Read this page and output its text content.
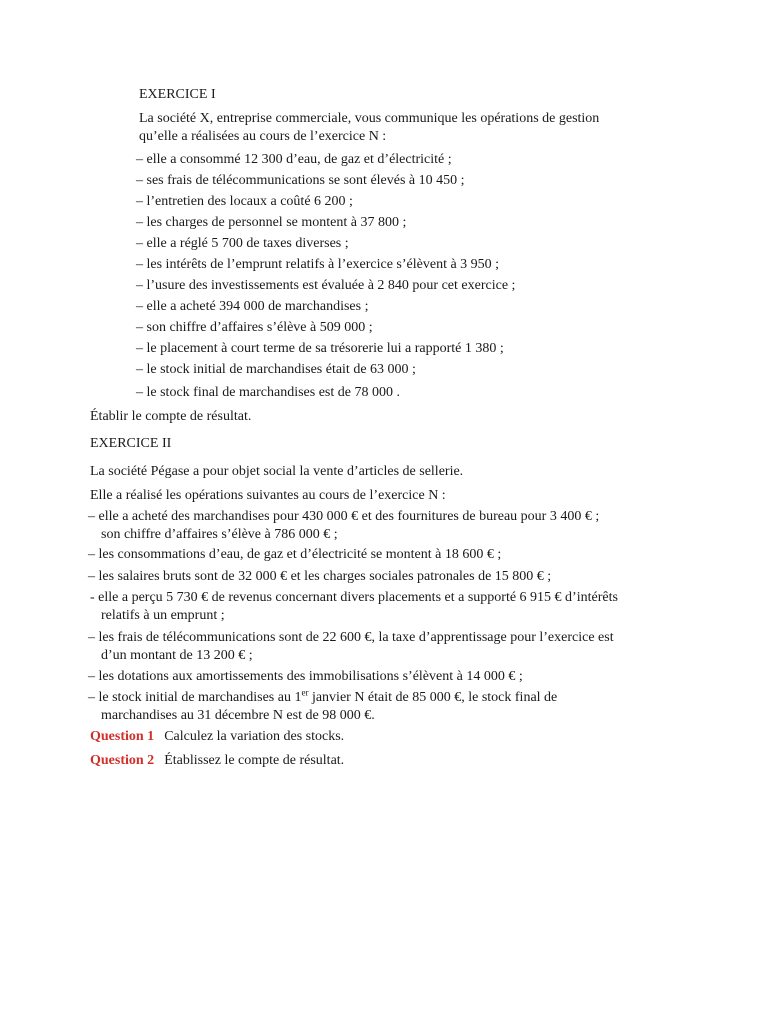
EXERCICE I
La société X, entreprise commerciale, vous communique les opérations de gestion
qu’elle a réalisées au cours de l’exercice N :
– elle a consommé 12 300 d’eau, de gaz et d’électricité ;
– ses frais de télécommunications se sont élevés à 10 450 ;
– l’entretien des locaux a coûté 6 200 ;
– les charges de personnel se montent à 37 800 ;
– elle a réglé 5 700 de taxes diverses ;
– les intérêts de l’emprunt relatifs à l’exercice s’élèvent à 3 950 ;
– l’usure des investissements est évaluée à 2 840 pour cet exercice ;
– elle a acheté 394 000 de marchandises ;
– son chiffre d’affaires s’élève à 509 000 ;
– le placement à court terme de sa trésorerie lui a rapporté 1 380 ;
– le stock initial de marchandises était de 63 000 ;
– le stock final de marchandises est de 78 000 .
Établir le compte de résultat.
EXERCICE II
La société Pégase a pour objet social la vente d’articles de sellerie.
Elle a réalisé les opérations suivantes au cours de l’exercice N :
– elle a acheté des marchandises pour 430 000 € et des fournitures de bureau pour 3 400 € ;
son chiffre d’affaires s’élève à 786 000 € ;
– les consommations d’eau, de gaz et d’électricité se montent à 18 600 € ;
– les salaires bruts sont de 32 000 € et les charges sociales patronales de 15 800 € ;
- elle a perçu 5 730 € de revenus concernant divers placements et a supporté 6 915 € d’intérêts
relatifs à un emprunt ;
– les frais de télécommunications sont de 22 600 €, la taxe d’apprentissage pour l’exercice est
d’un montant de 13 200 € ;
– les dotations aux amortissements des immobilisations s’élèvent à 14 000 € ;
– le stock initial de marchandises au 1er janvier N était de 85 000 €, le stock final de
marchandises au 31 décembre N est de 98 000 €.
Question 1 Calculez la variation des stocks.
Question 2 Établissez le compte de résultat.
